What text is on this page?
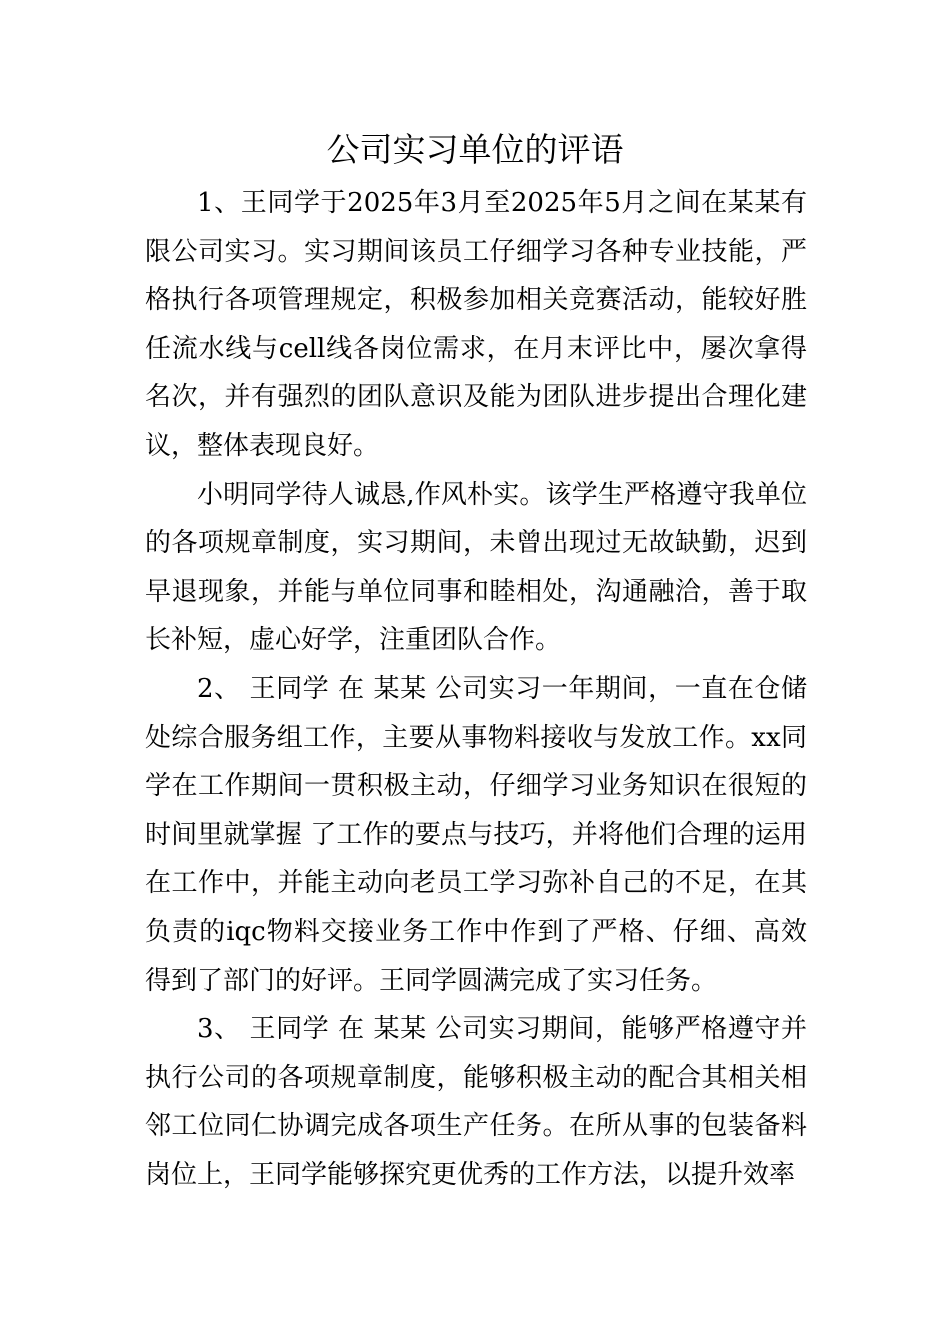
公司实习单位的评语

1、王同学于2025年3月至2025年5月之间在某某有限公司实习。实习期间该员工仔细学习各种专业技能，严格执行各项管理规定，积极参加相关竞赛活动，能较好胜任流水线与cell线各岗位需求，在月末评比中，屡次拿得名次，并有强烈的团队意识及能为团队进步提出合理化建议，整体表现良好。

小明同学待人诚恳,作风朴实。该学生严格遵守我单位的各项规章制度，实习期间，未曾出现过无故缺勤，迟到早退现象，并能与单位同事和睦相处，沟通融洽，善于取长补短，虚心好学，注重团队合作。

2、 王同学 在 某某 公司实习一年期间，一直在仓储处综合服务组工作，主要从事物料接收与发放工作。xx同学在工作期间一贯积极主动，仔细学习业务知识在很短的时间里就掌握 了工作的要点与技巧，并将他们合理的运用在工作中，并能主动向老员工学习弥补自己的不足，在其负责的iqc物料交接业务工作中作到了严格、仔细、高效得到了部门的好评。王同学圆满完成了实习任务。

3、 王同学 在 某某 公司实习期间，能够严格遵守并执行公司的各项规章制度，能够积极主动的配合其相关相邻工位同仁协调完成各项生产任务。在所从事的包装备料岗位上，王同学能够探究更优秀的工作方法，以提升效率
